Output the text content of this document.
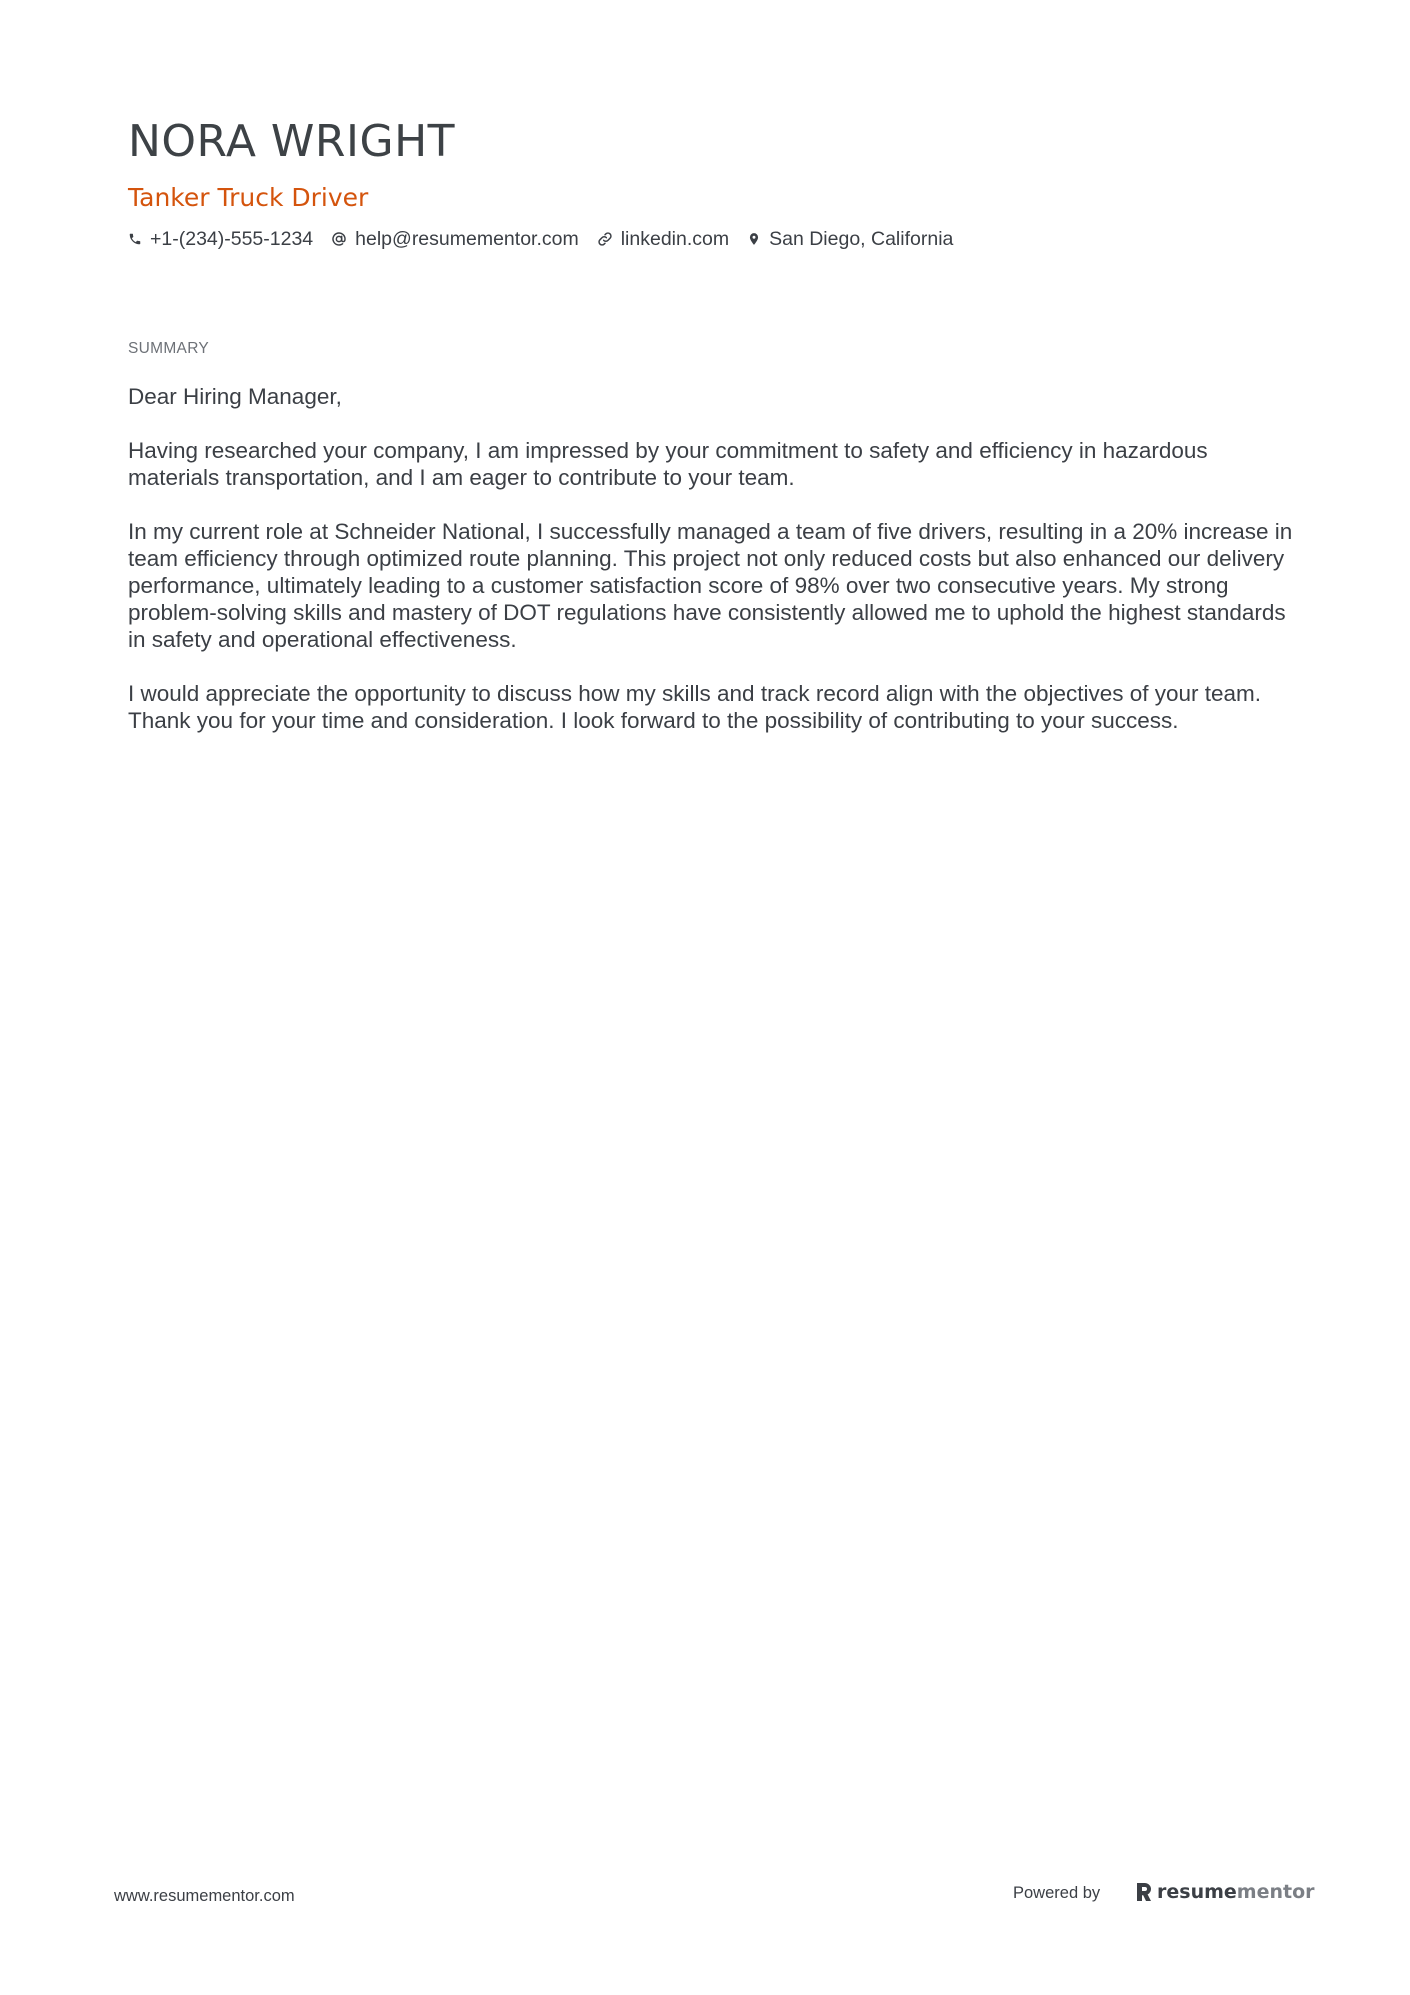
NORA WRIGHT
Tanker Truck Driver
+1-(234)-555-1234 help@resumementor.com linkedin.com San Diego, California
SUMMARY

Dear Hiring Manager,

Having researched your company, I am impressed by your commitment to safety and efficiency in hazardous materials transportation, and I am eager to contribute to your team.

In my current role at Schneider National, I successfully managed a team of five drivers, resulting in a 20% increase in team efficiency through optimized route planning. This project not only reduced costs but also enhanced our delivery performance, ultimately leading to a customer satisfaction score of 98% over two consecutive years. My strong problem-solving skills and mastery of DOT regulations have consistently allowed me to uphold the highest standards in safety and operational effectiveness.

I would appreciate the opportunity to discuss how my skills and track record align with the objectives of your team. Thank you for your time and consideration. I look forward to the possibility of contributing to your success.

www.resumementor.com	Powered by	resumementor
